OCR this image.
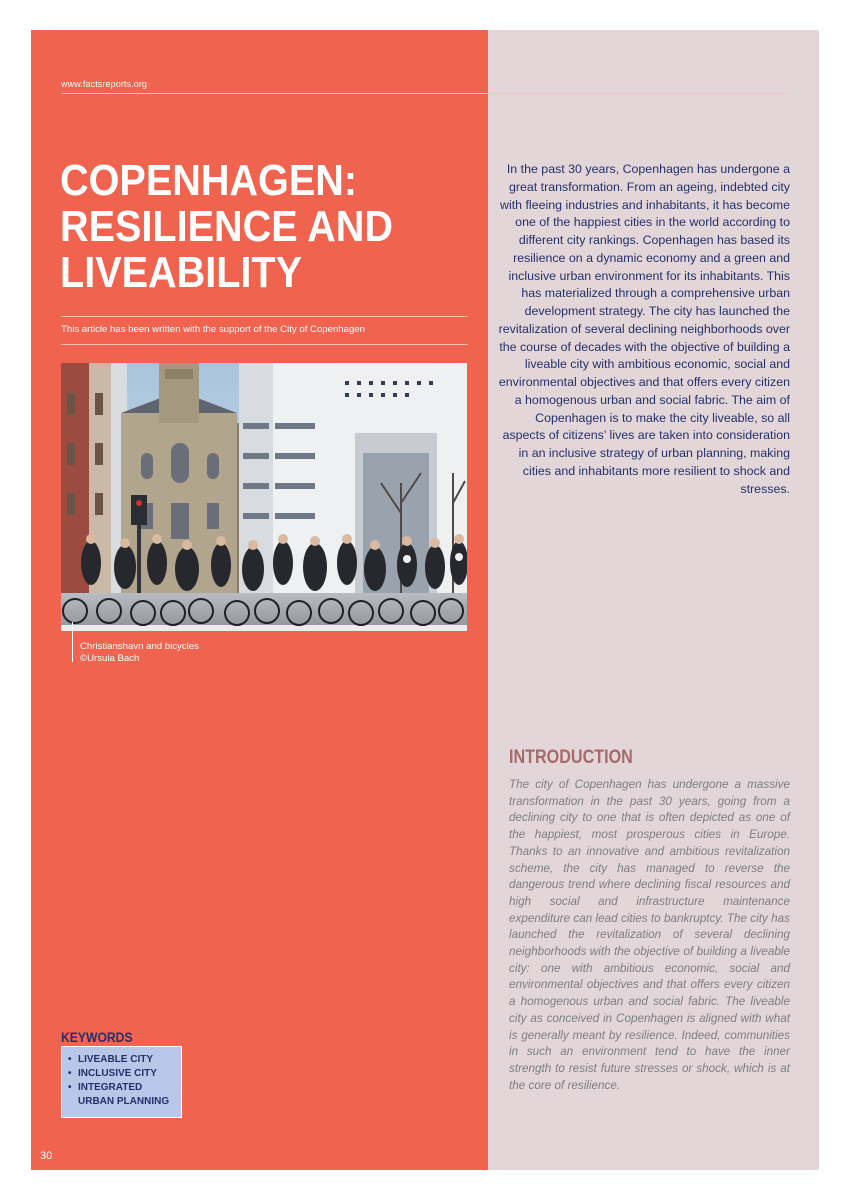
www.factsreports.org
COPENHAGEN: RESILIENCE AND LIVEABILITY
This article has been written with the support of the City of Copenhagen
Christianshavn and bicycles
©Ursula Bach
KEYWORDS
• LIVEABLE CITY
• INCLUSIVE CITY
• INTEGRATED URBAN PLANNING
30

In the past 30 years, Copenhagen has undergone a great transformation. From an ageing, indebted city with fleeing industries and inhabitants, it has become one of the happiest cities in the world according to different city rankings. Copenhagen has based its resilience on a dynamic economy and a green and inclusive urban environment for its inhabitants. This has materialized through a comprehensive urban development strategy. The city has launched the revitalization of several declining neighborhoods over the course of decades with the objective of building a liveable city with ambitious economic, social and environmental objectives and that offers every citizen a homogenous urban and social fabric. The aim of Copenhagen is to make the city liveable, so all aspects of citizens’ lives are taken into consideration in an inclusive strategy of urban planning, making cities and inhabitants more resilient to shock and stresses.

INTRODUCTION

The city of Copenhagen has undergone a massive transformation in the past 30 years, going from a declining city to one that is often depicted as one of the happiest, most prosperous cities in Europe. Thanks to an innovative and ambitious revitalization scheme, the city has managed to reverse the dangerous trend where declining fiscal resources and high social and infrastructure maintenance expenditure can lead cities to bankruptcy. The city has launched the revitalization of several declining neighborhoods with the objective of building a liveable city: one with ambitious economic, social and environmental objectives and that offers every citizen a homogenous urban and social fabric. The liveable city as conceived in Copenhagen is aligned with what is generally meant by resilience. Indeed, communities in such an environment tend to have the inner strength to resist future stresses or shock, which is at the core of resilience.
